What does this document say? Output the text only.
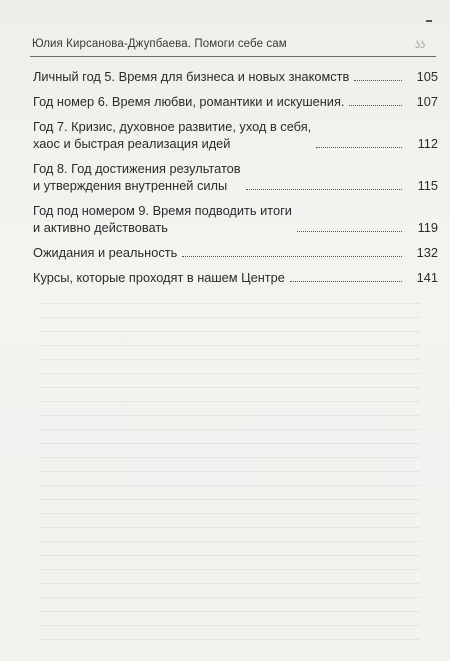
Юлия Кирсанова-Джупбаева. Помоги себе сам	ʖʖ
Личный год 5. Время для бизнеса и новых знакомств	105
Год номер 6. Время любви, романтики и искушения.	107
Год 7. Кризис, духовное развитие, уход в себя,
хаос и быстрая реализация идей	112
Год 8. Год достижения результатов
и утверждения внутренней силы	115
Год под номером 9. Время подводить итоги
и активно действовать	119
Ожидания и реальность	132
Курсы, которые проходят в нашем Центре	141
